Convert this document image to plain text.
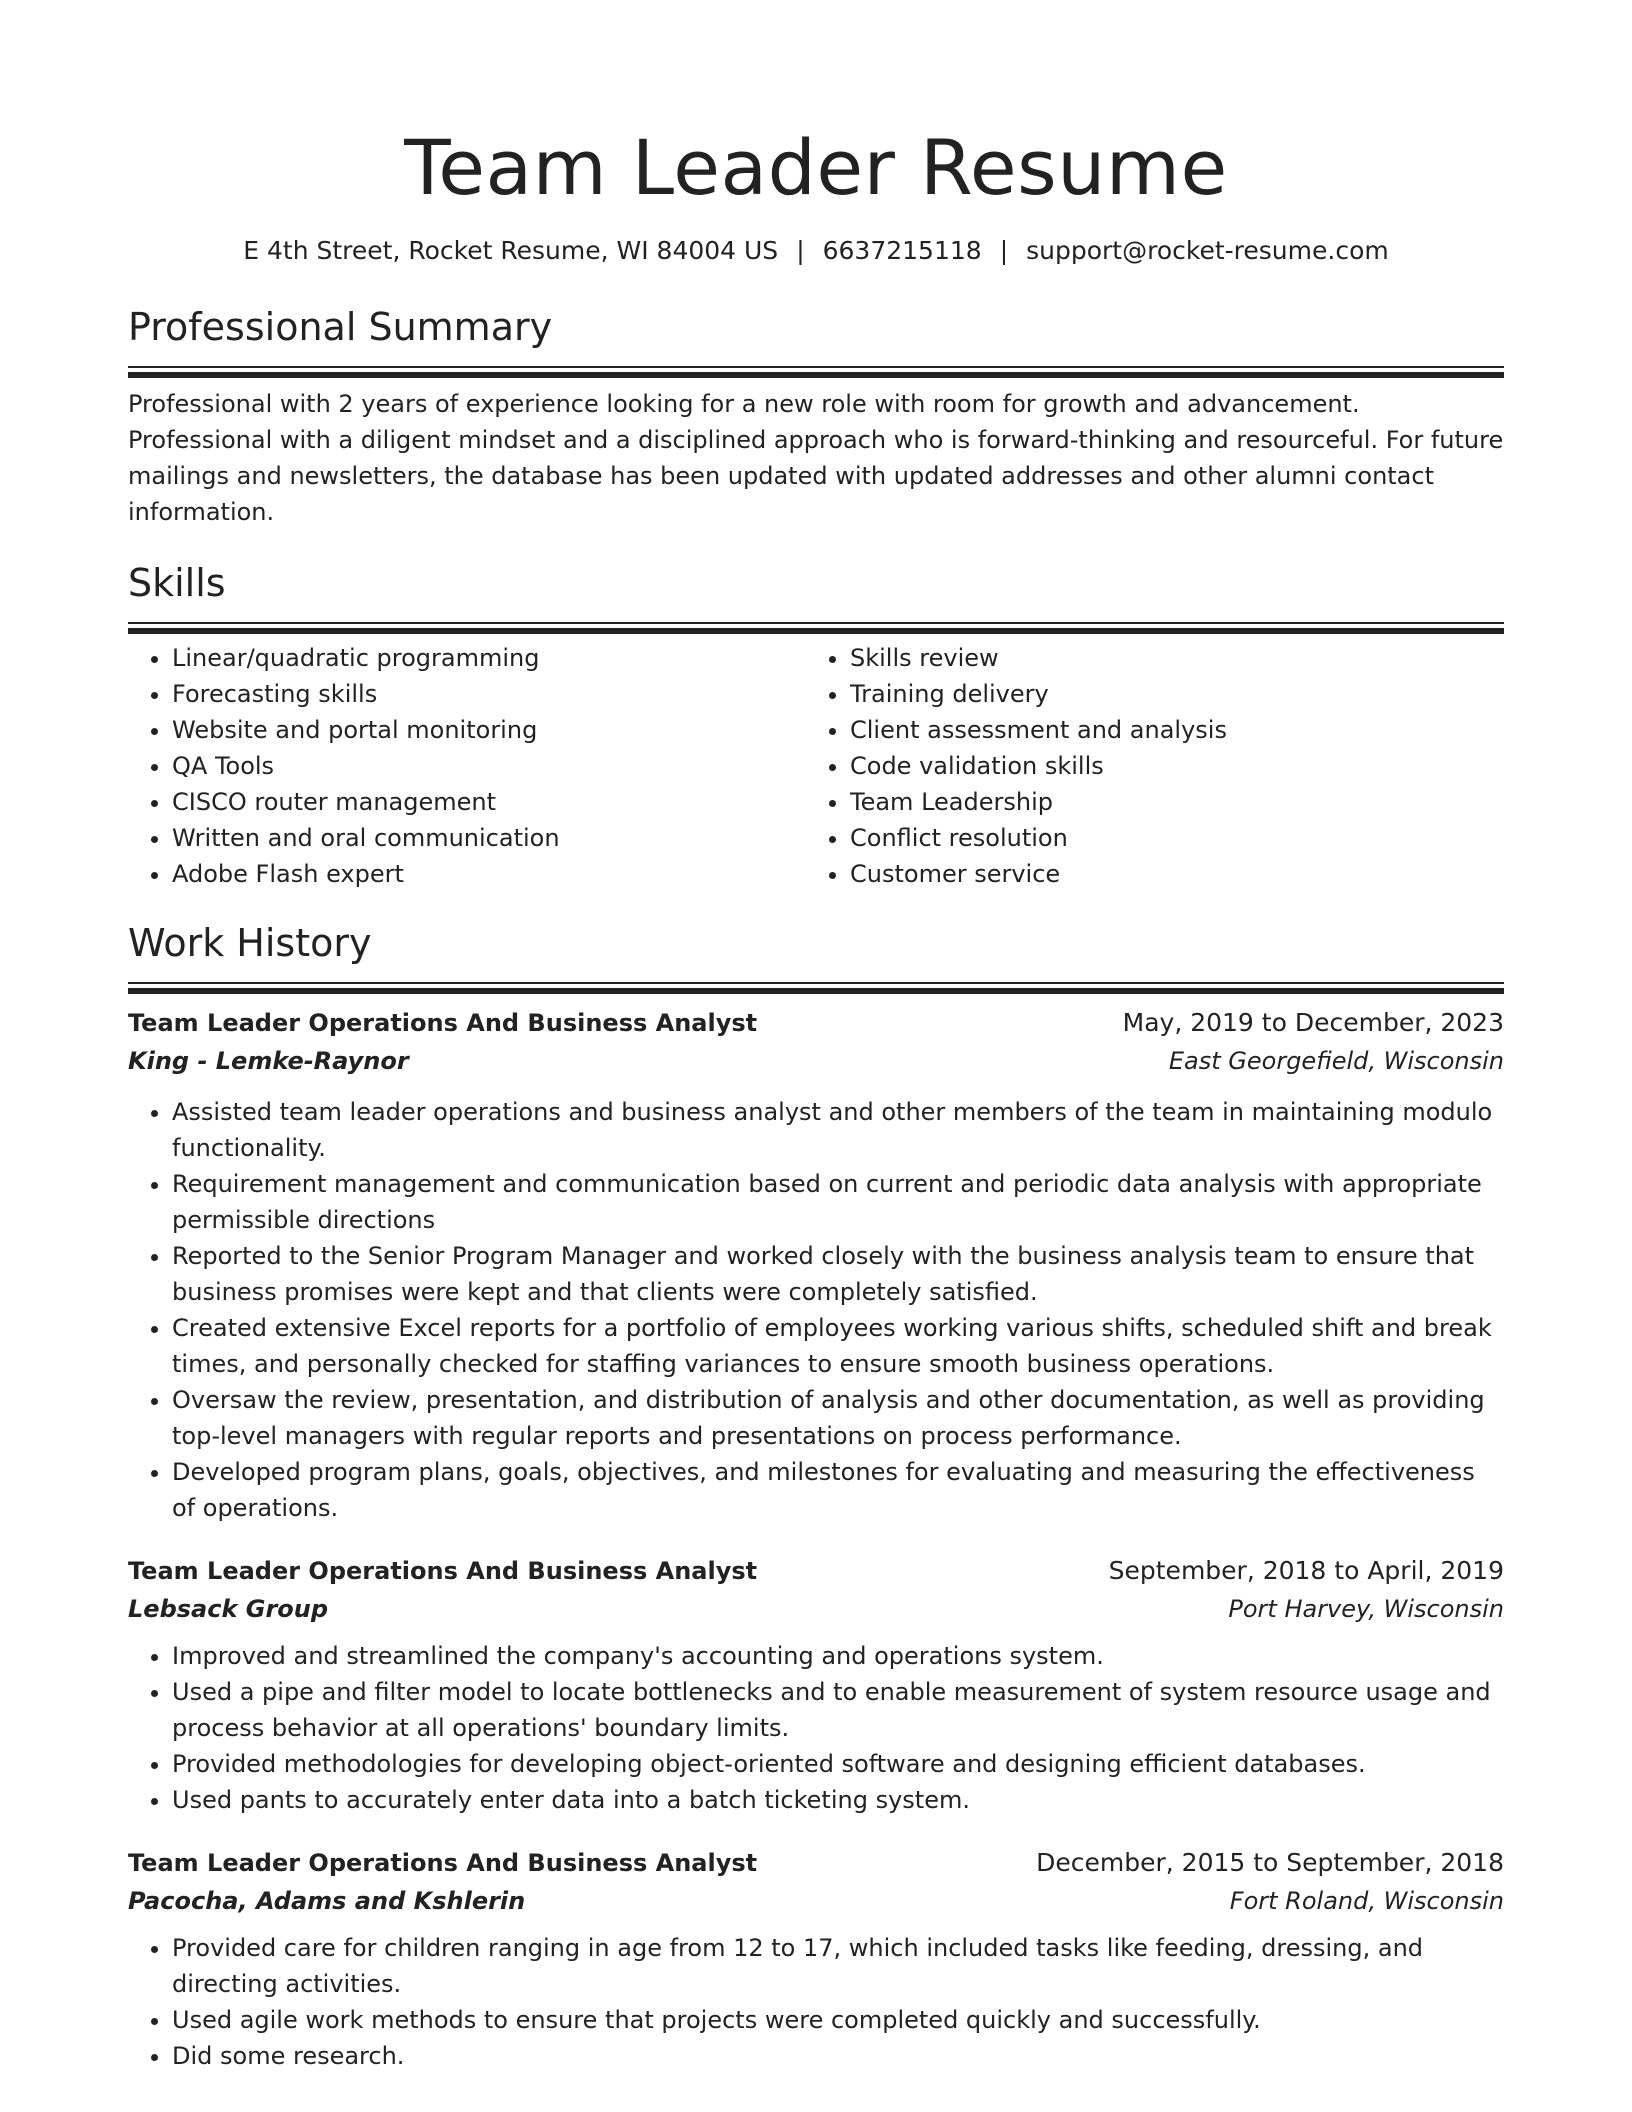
Team Leader Resume
E 4th Street, Rocket Resume, WI 84004 US | 6637215118 | support@rocket-resume.com
Professional Summary

Professional with 2 years of experience looking for a new role with room for growth and advancement. Professional with a diligent mindset and a disciplined approach who is forward-thinking and resourceful. For future mailings and newsletters, the database has been updated with updated addresses and other alumni contact information.

Skills
• Linear/quadratic programming
• Forecasting skills
• Website and portal monitoring
• QA Tools
• CISCO router management
• Written and oral communication
• Adobe Flash expert
• Skills review
• Training delivery
• Client assessment and analysis
• Code validation skills
• Team Leadership
• Conflict resolution
• Customer service
Work History
Team Leader Operations And Business Analyst	May, 2019 to December, 2023
King - Lemke-Raynor	East Georgefield, Wisconsin
• Assisted team leader operations and business analyst and other members of the team in maintaining modulo functionality.
• Requirement management and communication based on current and periodic data analysis with appropriate permissible directions
• Reported to the Senior Program Manager and worked closely with the business analysis team to ensure that business promises were kept and that clients were completely satisfied.
• Created extensive Excel reports for a portfolio of employees working various shifts, scheduled shift and break times, and personally checked for staffing variances to ensure smooth business operations.
• Oversaw the review, presentation, and distribution of analysis and other documentation, as well as providing top-level managers with regular reports and presentations on process performance.
• Developed program plans, goals, objectives, and milestones for evaluating and measuring the effectiveness of operations.
Team Leader Operations And Business Analyst	September, 2018 to April, 2019
Lebsack Group	Port Harvey, Wisconsin
• Improved and streamlined the company's accounting and operations system.
• Used a pipe and filter model to locate bottlenecks and to enable measurement of system resource usage and process behavior at all operations' boundary limits.
• Provided methodologies for developing object-oriented software and designing efficient databases.
• Used pants to accurately enter data into a batch ticketing system.
Team Leader Operations And Business Analyst	December, 2015 to September, 2018
Pacocha, Adams and Kshlerin	Fort Roland, Wisconsin
• Provided care for children ranging in age from 12 to 17, which included tasks like feeding, dressing, and directing activities.
• Used agile work methods to ensure that projects were completed quickly and successfully.
• Did some research.
